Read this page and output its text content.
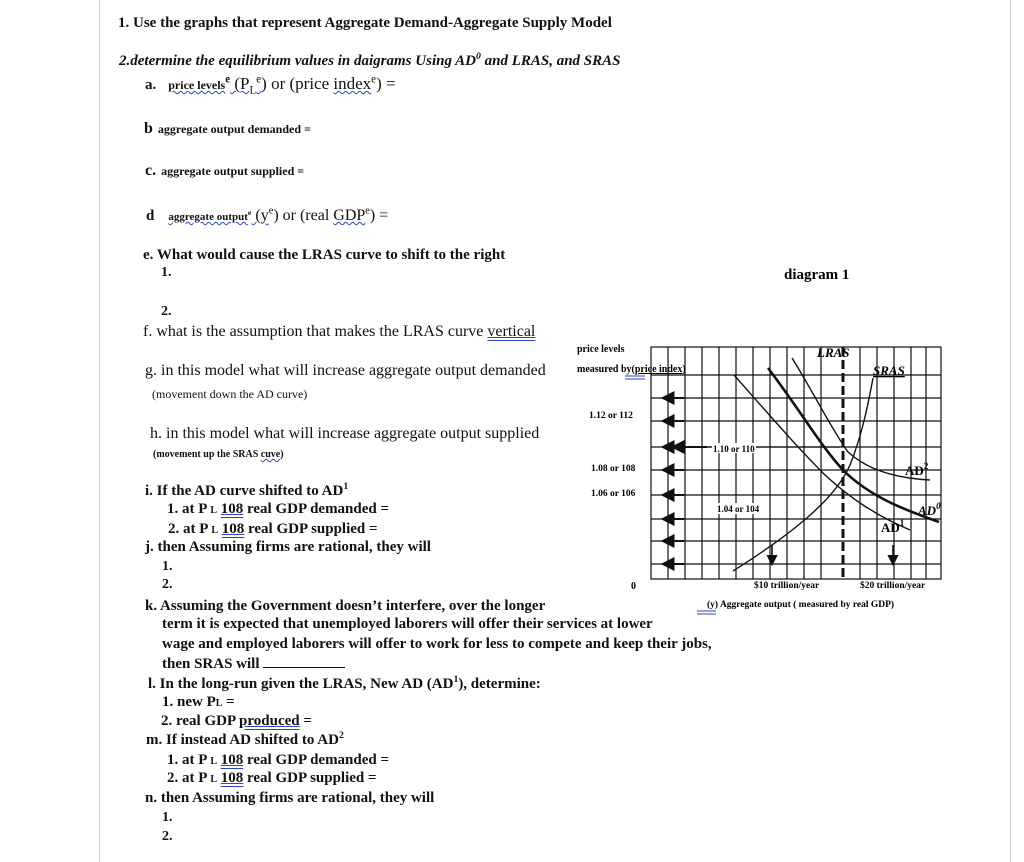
1. Use the graphs that represent Aggregate Demand-Aggregate Supply Model
2.determine the equilibrium values in daigrams Using $AD^0$ and LRAS, and SRAS
a. price levels$^e$ $(P_L^e)$ or (price index$^e$) =
b aggregate output demanded =
c. aggregate output supplied =
d aggregate output$^e$ $(y^e)$ or (real $GDP^e$) =
e. What would cause the LRAS curve to shift to the right
1.
2.
f. what is the assumption that makes the LRAS curve vertical
g. in this model what will increase aggregate output demanded
(movement down the AD curve)
h. in this model what will increase aggregate output supplied
(movement up the SRAS cuve)
i. If the AD curve shifted to $AD^1$
1. at P L 108 real GDP demanded =
2. at P L 108 real GDP supplied =
j. then Assuming firms are rational, they will
1.
2.
k. Assuming the Government doesn’t interfere, over the longer
term it is expected that unemployed laborers will offer their services at lower
wage and employed laborers will offer to work for less to compete and keep their jobs,
then SRAS will
l. In the long-run given the LRAS, New AD $(AD^1)$, determine:
1. new PL =
2. real GDP produced =
m. If instead AD shifted to $AD^2$
1. at P L 108 real GDP demanded =
2. at P L 108 real GDP supplied =
n. then Assuming firms are rational, they will
1.
2.
diagram 1
price levels
measured by(price index)
LRAS
SRAS
$AD^0$
$AD^1$
$AD^2$
1.12 or 112
1.08 or 108
1.06 or 106
0
1.10 or 110
1.04 or 104
$10 trillion/year	$20 trillion/year
(y) Aggregate output ( measured by real GDP)
